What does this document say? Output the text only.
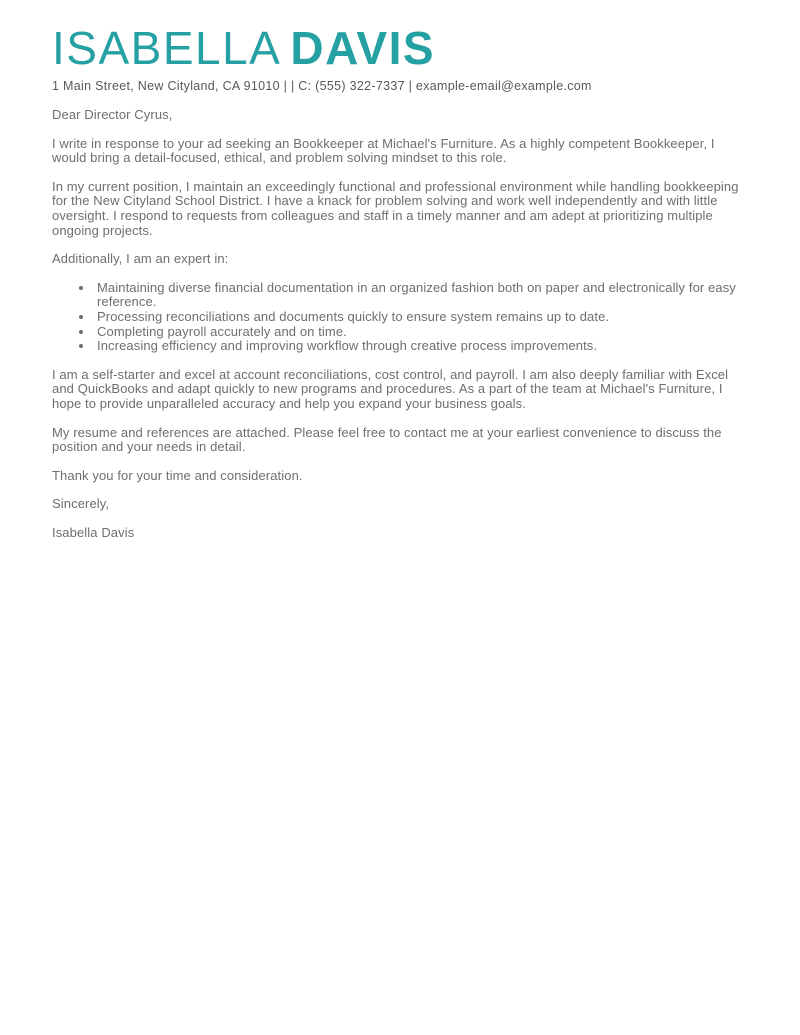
ISABELLA DAVIS
1 Main Street, New Cityland, CA 91010 | | C: (555) 322-7337 | example-email@example.com

Dear Director Cyrus,

I write in response to your ad seeking an Bookkeeper at Michael's Furniture. As a highly competent Bookkeeper, I would bring a detail-focused, ethical, and problem solving mindset to this role.

In my current position, I maintain an exceedingly functional and professional environment while handling bookkeeping for the New Cityland School District. I have a knack for problem solving and work well independently and with little oversight. I respond to requests from colleagues and staff in a timely manner and am adept at prioritizing multiple ongoing projects.

Additionally, I am an expert in:

• Maintaining diverse financial documentation in an organized fashion both on paper and electronically for easy reference.
• Processing reconciliations and documents quickly to ensure system remains up to date.
• Completing payroll accurately and on time.
• Increasing efficiency and improving workflow through creative process improvements.

I am a self-starter and excel at account reconciliations, cost control, and payroll. I am also deeply familiar with Excel and QuickBooks and adapt quickly to new programs and procedures. As a part of the team at Michael's Furniture, I hope to provide unparalleled accuracy and help you expand your business goals.

My resume and references are attached. Please feel free to contact me at your earliest convenience to discuss the position and your needs in detail.

Thank you for your time and consideration.

Sincerely,

Isabella Davis
